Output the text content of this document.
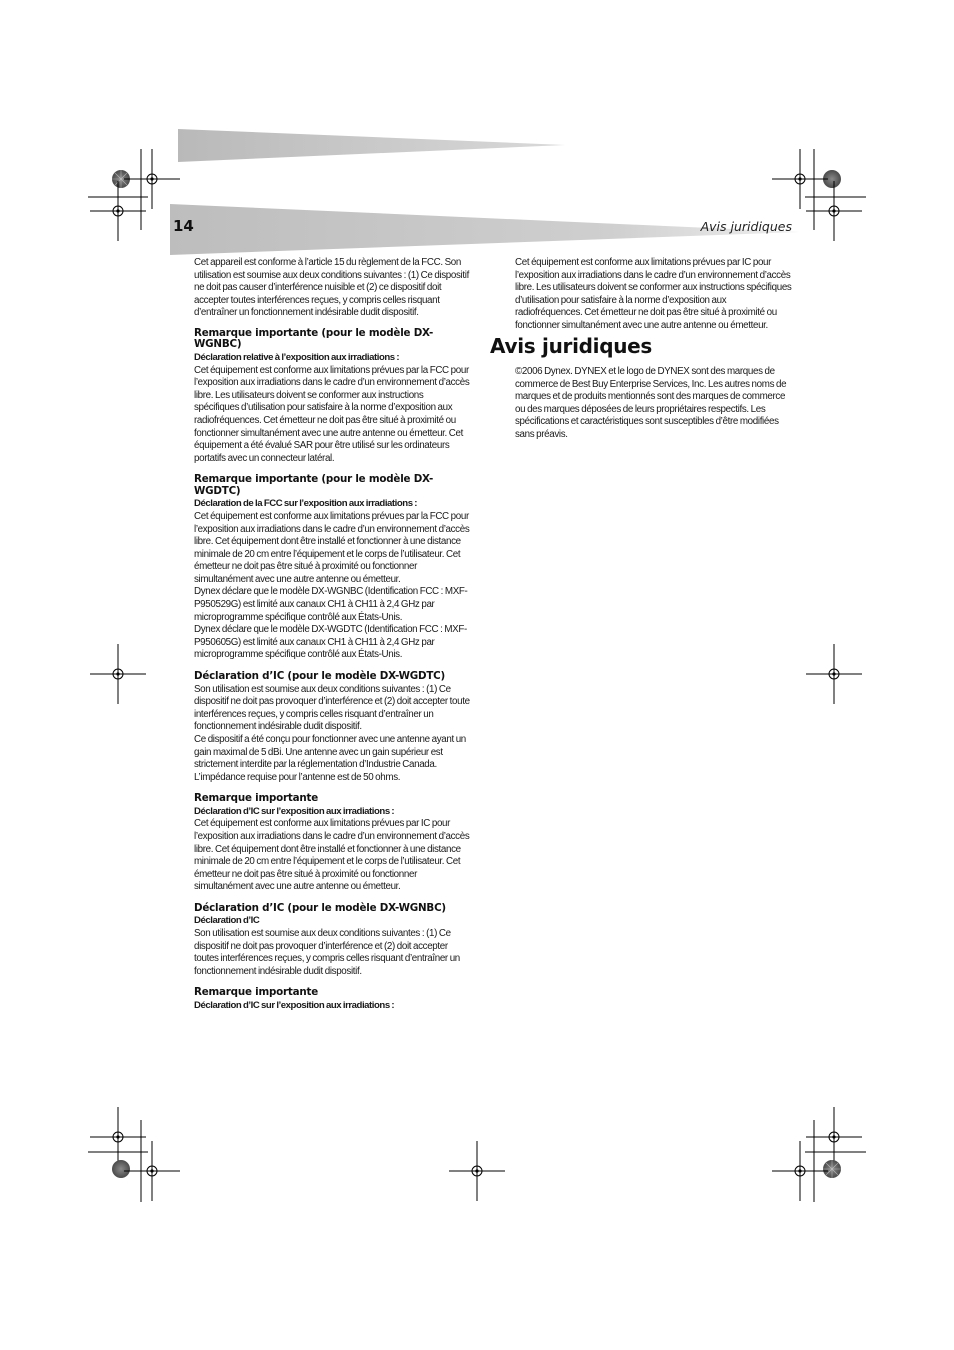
14	Avis juridiques

Cet appareil est conforme à l’article 15 du règlement de la FCC. Son utilisation est soumise aux deux conditions suivantes : (1) Ce dispositif ne doit pas causer d’interférence nuisible et (2) ce dispositif doit accepter toutes interférences reçues, y compris celles risquant d’entraîner un fonctionnement indésirable dudit dispositif.

Remarque importante (pour le modèle DX-WGNBC)

Déclaration relative à l’exposition aux irradiations :

Cet équipement est conforme aux limitations prévues par la FCC pour l’exposition aux irradiations dans le cadre d’un environnement d’accès libre. Les utilisateurs doivent se conformer aux instructions spécifiques d’utilisation pour satisfaire à la norme d’exposition aux radiofréquences. Cet émetteur ne doit pas être situé à proximité ou fonctionner simultanément avec une autre antenne ou émetteur. Cet équipement a été évalué SAR pour être utilisé sur les ordinateurs portatifs avec un connecteur latéral.

Remarque importante (pour le modèle DX-WGDTC)

Déclaration de la FCC sur l’exposition aux irradiations :

Cet équipement est conforme aux limitations prévues par la FCC pour l’exposition aux irradiations dans le cadre d’un environnement d’accès libre. Cet équipement dont être installé et fonctionner à une distance minimale de 20 cm entre l’équipement et le corps de l’utilisateur. Cet émetteur ne doit pas être situé à proximité ou fonctionner simultanément avec une autre antenne ou émetteur.

Dynex déclare que le modèle DX-WGNBC (Identification FCC : MXF-P950529G) est limité aux canaux CH1 à CH11 à 2,4 GHz par microprogramme spécifique contrôlé aux États-Unis.

Dynex déclare que le modèle DX-WGDTC (Identification FCC : MXF-P950605G) est limité aux canaux CH1 à CH11 à 2,4 GHz par microprogramme spécifique contrôlé aux États-Unis.

Déclaration d’IC (pour le modèle DX-WGDTC)

Son utilisation est soumise aux deux conditions suivantes : (1) Ce dispositif ne doit pas provoquer d’interférence et (2) doit accepter toute interférences reçues, y compris celles risquant d’entraîner un fonctionnement indésirable dudit dispositif.

Ce dispositif a été conçu pour fonctionner avec une antenne ayant un gain maximal de 5 dBi. Une antenne avec un gain supérieur est strictement interdite par la réglementation d’Industrie Canada. L’impédance requise pour l’antenne est de 50 ohms.

Remarque importante

Déclaration d’IC sur l’exposition aux irradiations :

Cet équipement est conforme aux limitations prévues par IC pour l’exposition aux irradiations dans le cadre d’un environnement d’accès libre. Cet équipement dont être installé et fonctionner à une distance minimale de 20 cm entre l’équipement et le corps de l’utilisateur. Cet émetteur ne doit pas être situé à proximité ou fonctionner simultanément avec une autre antenne ou émetteur.

Déclaration d’IC (pour le modèle DX-WGNBC)

Déclaration d’IC

Son utilisation est soumise aux deux conditions suivantes : (1) Ce dispositif ne doit pas provoquer d’interférence et (2) doit accepter toutes interférences reçues, y compris celles risquant d’entraîner un fonctionnement indésirable dudit dispositif.

Remarque importante

Déclaration d’IC sur l’exposition aux irradiations :

Cet équipement est conforme aux limitations prévues par IC pour l’exposition aux irradiations dans le cadre d’un environnement d’accès libre. Les utilisateurs doivent se conformer aux instructions spécifiques d’utilisation pour satisfaire à la norme d’exposition aux radiofréquences. Cet émetteur ne doit pas être situé à proximité ou fonctionner simultanément avec une autre antenne ou émetteur.

Avis juridiques

©2006 Dynex. DYNEX et le logo de DYNEX sont des marques de commerce de Best Buy Enterprise Services, Inc. Les autres noms de marques et de produits mentionnés sont des marques de commerce ou des marques déposées de leurs propriétaires respectifs. Les spécifications et caractéristiques sont susceptibles d’être modifiées sans préavis.
